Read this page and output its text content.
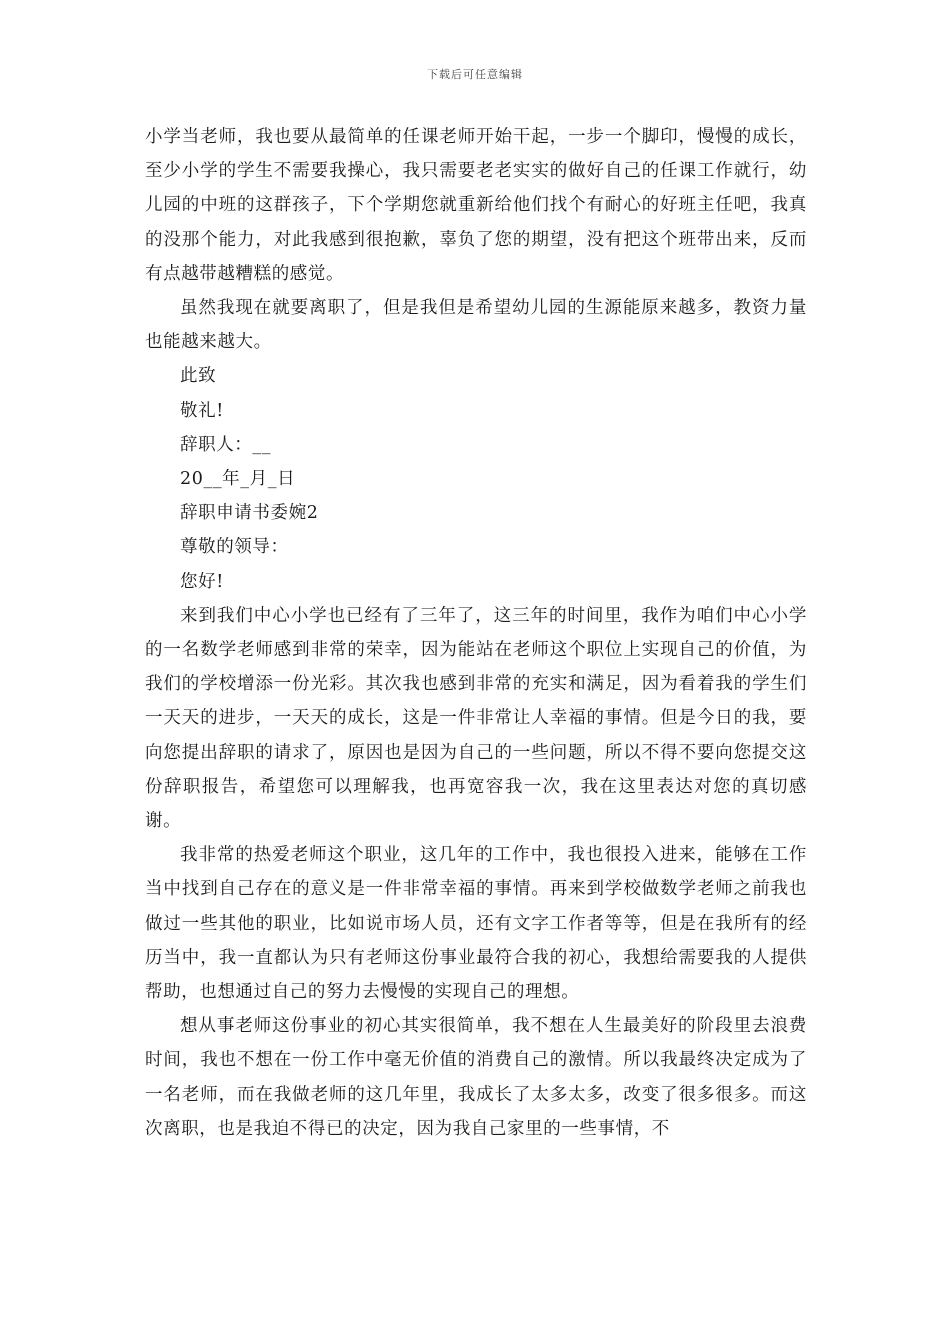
下载后可任意编辑

小学当老师，我也要从最简单的任课老师开始干起，一步一个脚印，慢慢的成长，至少小学的学生不需要我操心，我只需要老老实实的做好自己的任课工作就行，幼儿园的中班的这群孩子，下个学期您就重新给他们找个有耐心的好班主任吧，我真的没那个能力，对此我感到很抱歉，辜负了您的期望，没有把这个班带出来，反而有点越带越糟糕的感觉。

虽然我现在就要离职了，但是我但是希望幼儿园的生源能原来越多，教资力量也能越来越大。

此致

敬礼!

辞职人：__

20__年_月_日

辞职申请书委婉2

尊敬的领导：

您好!

来到我们中心小学也已经有了三年了，这三年的时间里，我作为咱们中心小学的一名数学老师感到非常的荣幸，因为能站在老师这个职位上实现自己的价值，为我们的学校增添一份光彩。其次我也感到非常的充实和满足，因为看着我的学生们一天天的进步，一天天的成长，这是一件非常让人幸福的事情。但是今日的我，要向您提出辞职的请求了，原因也是因为自己的一些问题，所以不得不要向您提交这份辞职报告，希望您可以理解我，也再宽容我一次，我在这里表达对您的真切感谢。

我非常的热爱老师这个职业，这几年的工作中，我也很投入进来，能够在工作当中找到自己存在的意义是一件非常幸福的事情。再来到学校做数学老师之前我也做过一些其他的职业，比如说市场人员，还有文字工作者等等，但是在我所有的经历当中，我一直都认为只有老师这份事业最符合我的初心，我想给需要我的人提供帮助，也想通过自己的努力去慢慢的实现自己的理想。

想从事老师这份事业的初心其实很简单，我不想在人生最美好的阶段里去浪费时间，我也不想在一份工作中毫无价值的消费自己的激情。所以我最终决定成为了一名老师，而在我做老师的这几年里，我成长了太多太多，改变了很多很多。而这次离职，也是我迫不得已的决定，因为我自己家里的一些事情，不
